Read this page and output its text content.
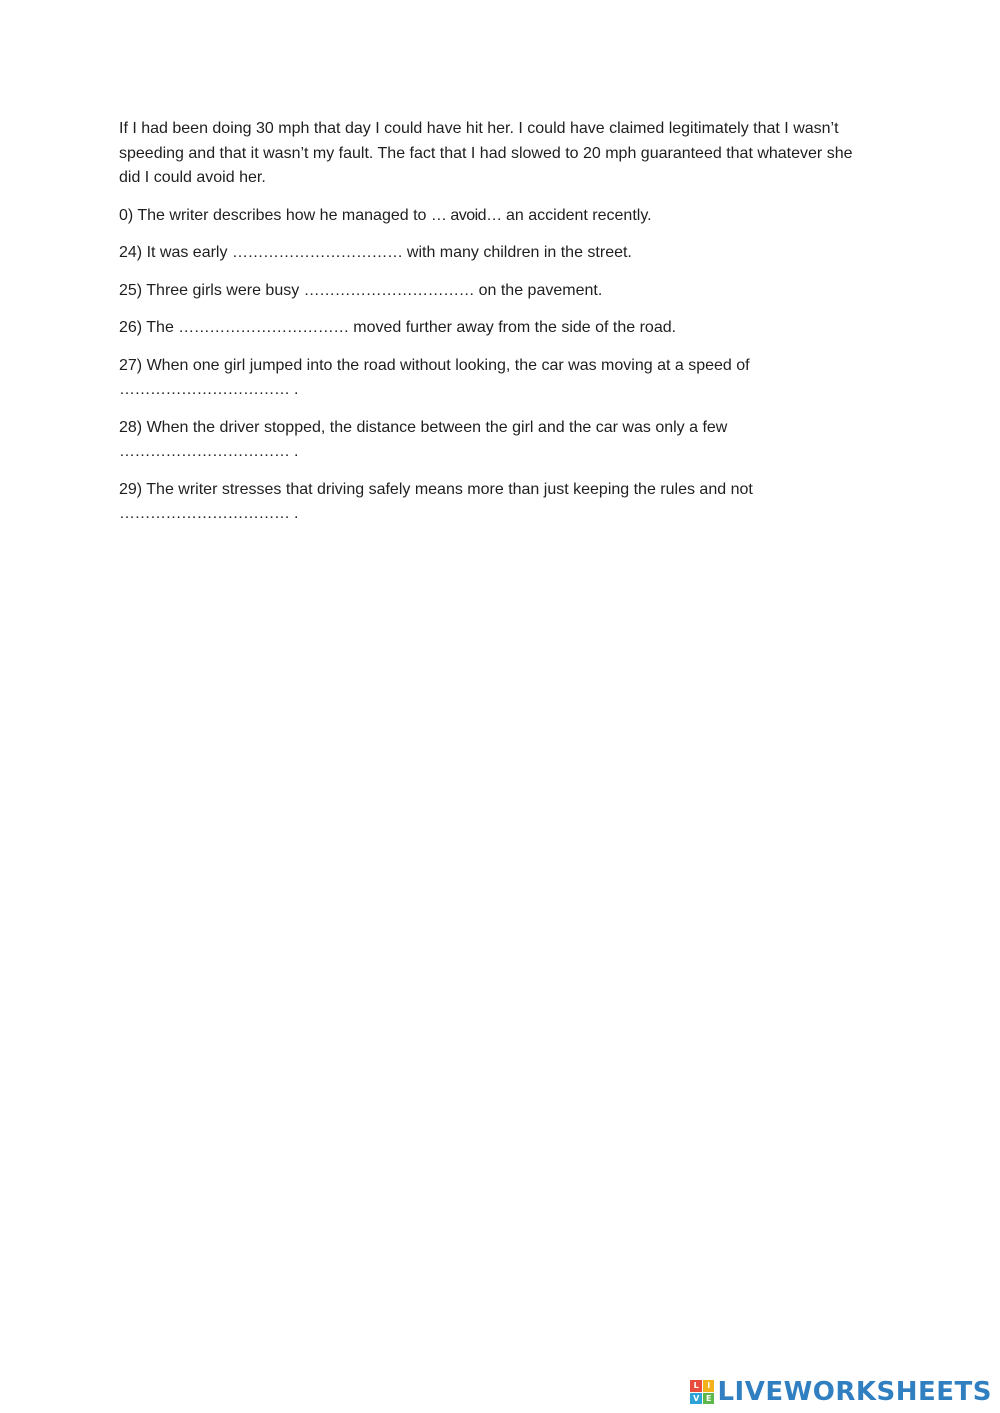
If I had been doing 30 mph that day I could have hit her. I could have claimed legitimately that I wasn’t speeding and that it wasn’t my fault. The fact that I had slowed to 20 mph guaranteed that whatever she did I could avoid her.

0) The writer describes how he managed to … avoid… an accident recently.

24) It was early …………………………… with many children in the street.

25) Three girls were busy …………………………… on the pavement.

26) The …………………………… moved further away from the side of the road.

27) When one girl jumped into the road without looking, the car was moving at a speed of …………………………… .

28) When the driver stopped, the distance between the girl and the car was only a few …………………………… .

29) The writer stresses that driving safely means more than just keeping the rules and not …………………………… .

L	I
V E LIVEWORKSHEETS
